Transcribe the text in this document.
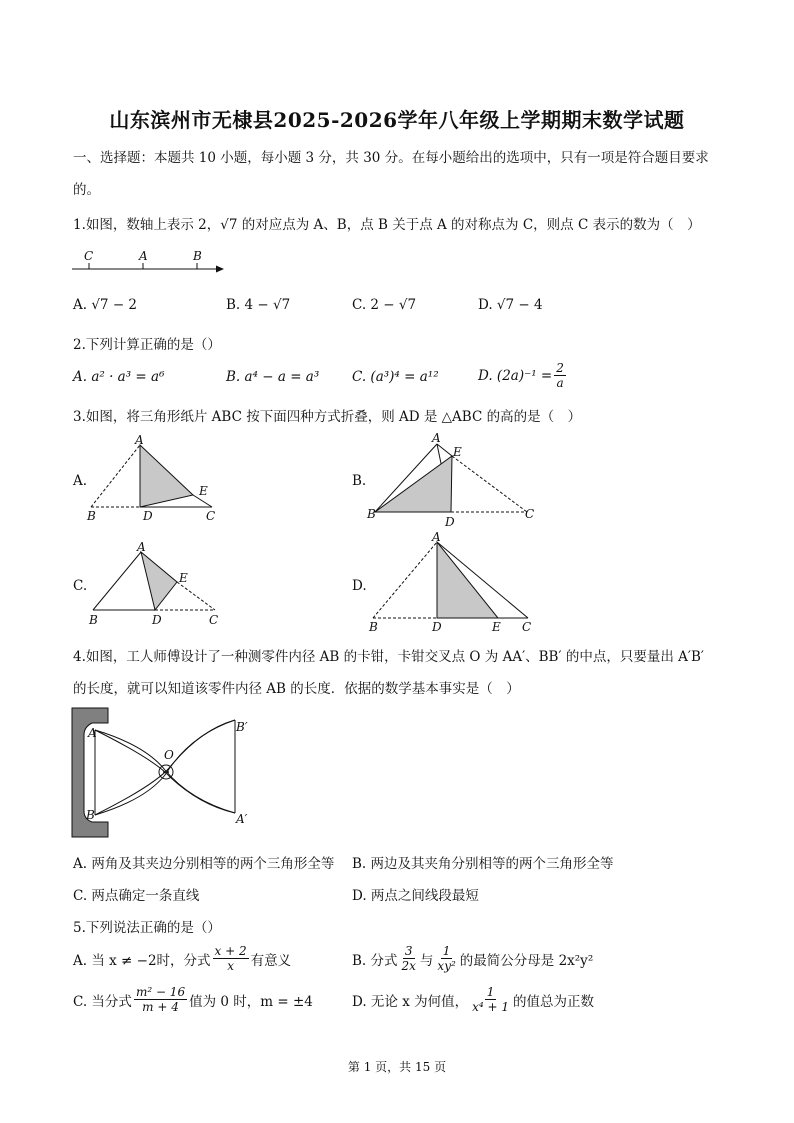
山东滨州市无棣县2025-2026学年八年级上学期期末数学试题
一、选择题：本题共 10 小题，每小题 3 分，共 30 分。在每小题给出的选项中，只有一项是符合题目要求
的。
1.如图，数轴上表示 2，√7 的对应点为 A、B，点 B 关于点 A 的对称点为 C，则点 C 表示的数为（　）
C	A	B
A. √7 − 2	B. 4 − √7	C. 2 − √7	D. √7 − 4
2.下列计算正确的是（）
A. a² · a³ = a⁶	B. a⁴ − a = a³ C. (a³)⁴ = a¹²	D. $(2a)^{-1} = \frac{2}{a}$
3.如图，将三角形纸片 ABC 按下面四种方式折叠，则 AD 是 △ABC 的高的是（　）
A.
A
B	D	C
E
B.
A
E
B
D
C
C.
A
E
B	D	C
D.
A
B	D	E C
4.如图，工人师傅设计了一种测零件内径 AB 的卡钳，卡钳交叉点 O 为 AA′、BB′ 的中点，只要量出 A′B′
的长度，就可以知道该零件内径 AB 的长度．依据的数学基本事实是（　）
A
B
O
B′
A′
A. 两角及其夹边分别相等的两个三角形全等 B. 两边及其夹角分别相等的两个三角形全等
C. 两点确定一条直线	D. 两点之间线段最短
5.下列说法正确的是（）
A. 当 x ≠ −2时，分式 $\frac{x + 2}{x}$ 有意义	B. 分式 $\frac{3}{2x}$ 与 $\frac{1}{\text{xy²}}$ 的最简公分母是 2x²y²
C. 当分式 $\frac{\text{m² − 16}}{m + 4}$ 值为 0 时，m = ±4	D. 无论 x 为何值， $\frac{1}{\text{x⁴ + 1}}$ 的值总为正数
第 1 页，共 15 页
